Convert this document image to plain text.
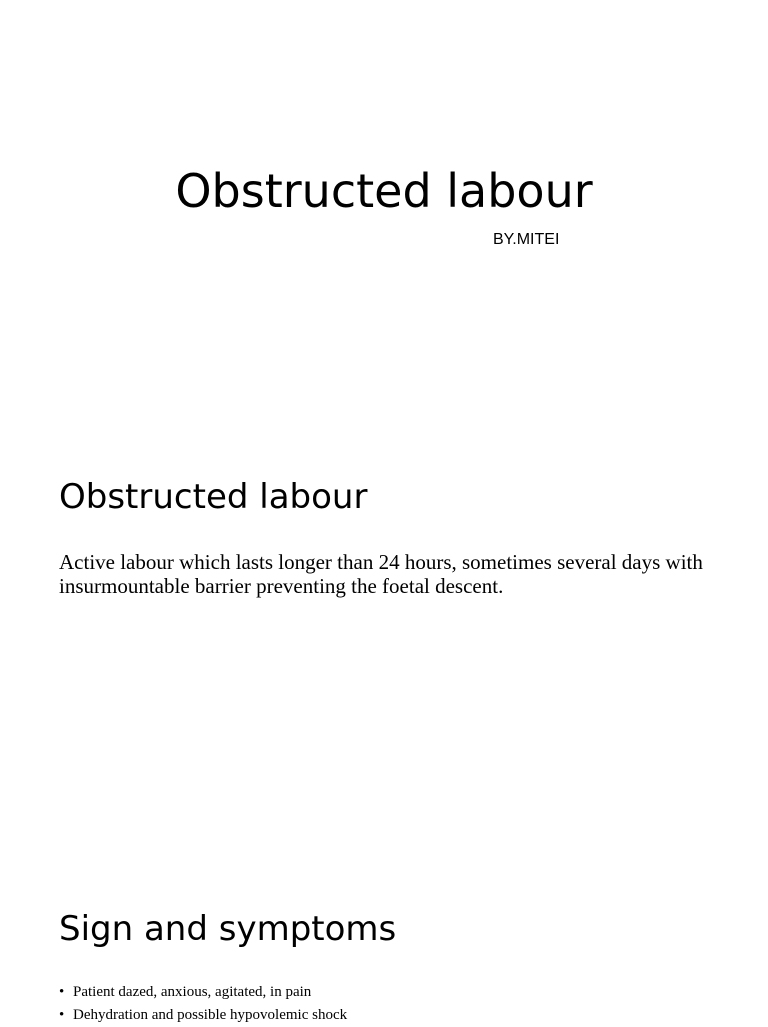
Obstructed labour
BY.MITEI
Obstructed labour

Active labour which lasts longer than 24 hours, sometimes several days with insurmountable barrier preventing the foetal descent.

Sign and symptoms
• Patient dazed, anxious, agitated, in pain
• Dehydration and possible hypovolemic shock
